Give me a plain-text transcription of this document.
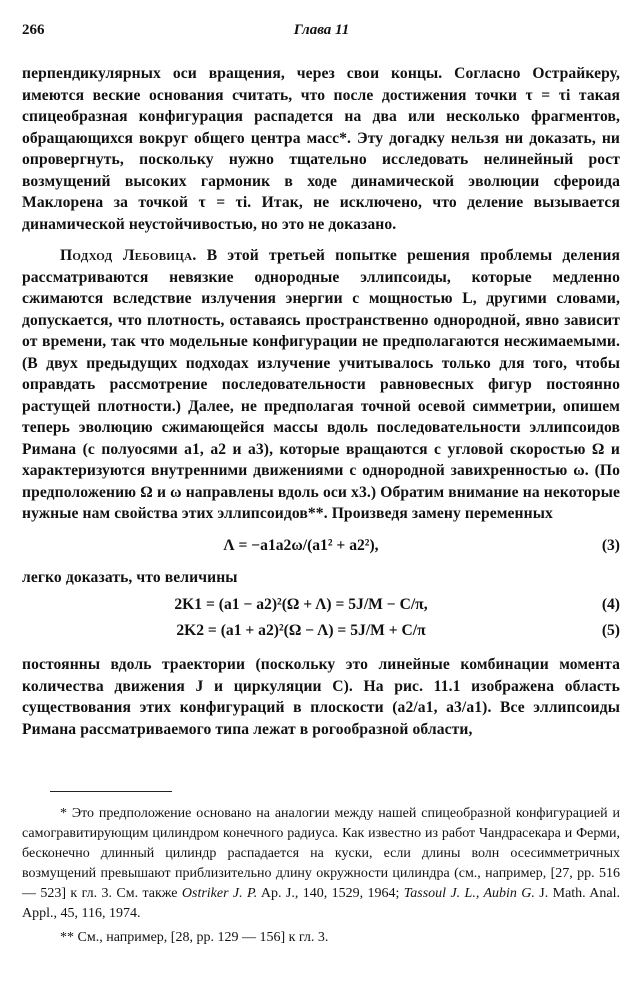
266	Глава 11

перпендикулярных оси вращения, через свои концы. Согласно Острайкеру, имеются веские основания считать, что после достижения точки τ = τi такая спицеобразная конфигурация распадется на два или несколько фрагментов, обращающихся вокруг общего центра масс*. Эту догадку нельзя ни доказать, ни опровергнуть, поскольку нужно тщательно исследовать нелинейный рост возмущений высоких гармоник в ходе динамической эволюции сфероида Маклорена за точкой τ = τi. Итак, не исключено, что деление вызывается динамической неустойчивостью, но это не доказано.

Подход Лебовица. В этой третьей попытке решения проблемы деления рассматриваются невязкие однородные эллипсоиды, которые медленно сжимаются вследствие излучения энергии с мощностью L, другими словами, допускается, что плотность, оставаясь пространственно однородной, явно зависит от времени, так что модельные конфигурации не предполагаются несжимаемыми. (В двух предыдущих подходах излучение учитывалось только для того, чтобы оправдать рассмотрение последовательности равновесных фигур постоянно растущей плотности.) Далее, не предполагая точной осевой симметрии, опишем теперь эволюцию сжимающейся массы вдоль последовательности эллипсоидов Римана (с полуосями a1, a2 и a3), которые вращаются с угловой скоростью Ω и характеризуются внутренними движениями с однородной завихренностью ω. (По предположению Ω и ω направлены вдоль оси x3.) Обратим внимание на некоторые нужные нам свойства этих эллипсоидов**. Произведя замену переменных

Λ = −a1a2ω/(a1² + a2²),	(3)

легко доказать, что величины

2K1 = (a1 − a2)²(Ω + Λ) = 5J/M − C/π,	(4)
2K2 = (a1 + a2)²(Ω − Λ) = 5J/M + C/π	(5)

постоянны вдоль траектории (поскольку это линейные комбинации момента количества движения J и циркуляции C). На рис. 11.1 изображена область существования этих конфигураций в плоскости (a2/a1, a3/a1). Все эллипсоиды Римана рассматриваемого типа лежат в рогообразной области,

* Это предположение основано на аналогии между нашей спицеобразной конфигурацией и самогравитирующим цилиндром конечного радиуса. Как известно из работ Чандрасекара и Ферми, бесконечно длинный цилиндр распадается на куски, если длины волн осесимметричных возмущений превышают приблизительно длину окружности цилиндра (см., например, [27, pp. 516 — 523] к гл. 3. См. также Ostriker J. P. Ap. J., 140, 1529, 1964; Tassoul J. L., Aubin G. J. Math. Anal. Appl., 45, 116, 1974.

** См., например, [28, pp. 129 — 156] к гл. 3.
